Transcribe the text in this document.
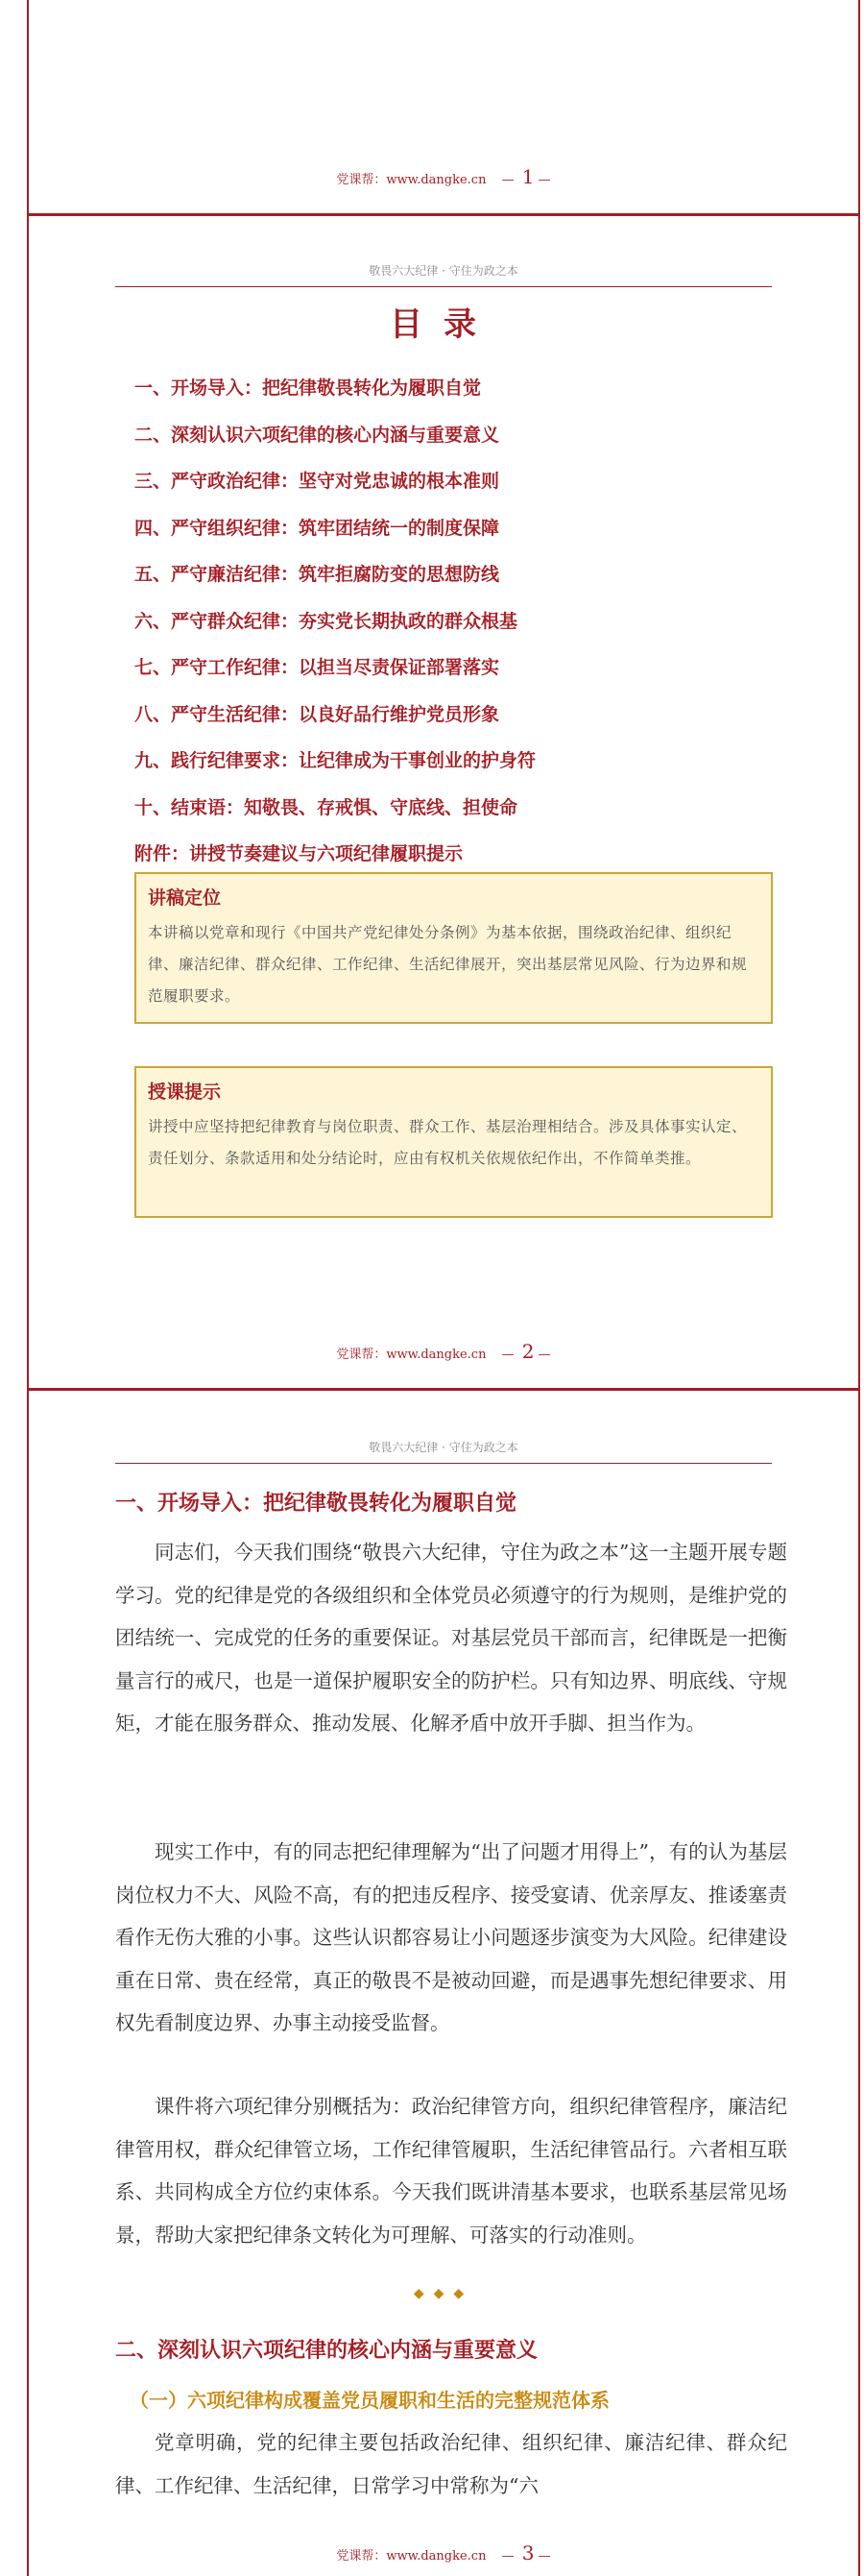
党课帮：www.dangke.cn — 1 —
敬畏六大纪律 · 守住为政之本
目录
一、开场导入：把纪律敬畏转化为履职自觉
二、深刻认识六项纪律的核心内涵与重要意义
三、严守政治纪律：坚守对党忠诚的根本准则
四、严守组织纪律：筑牢团结统一的制度保障
五、严守廉洁纪律：筑牢拒腐防变的思想防线
六、严守群众纪律：夯实党长期执政的群众根基
七、严守工作纪律：以担当尽责保证部署落实
八、严守生活纪律：以良好品行维护党员形象
九、践行纪律要求：让纪律成为干事创业的护身符
十、结束语：知敬畏、存戒惧、守底线、担使命
附件：讲授节奏建议与六项纪律履职提示
讲稿定位
本讲稿以党章和现行《中国共产党纪律处分条例》为基本依据，围绕政治纪律、组织纪律、廉洁纪律、群众纪律、工作纪律、生活纪律展开，突出基层常见风险、行为边界和规范履职要求。
授课提示
讲授中应坚持把纪律教育与岗位职责、群众工作、基层治理相结合。涉及具体事实认定、责任划分、条款适用和处分结论时，应由有权机关依规依纪作出，不作简单类推。
党课帮：www.dangke.cn — 2 —
敬畏六大纪律 · 守住为政之本
一、开场导入：把纪律敬畏转化为履职自觉
同志们，今天我们围绕“敬畏六大纪律，守住为政之本”这一主题开展专题学习。党的纪律是党的各级组织和全体党员必须遵守的行为规则，是维护党的团结统一、完成党的任务的重要保证。对基层党员干部而言，纪律既是一把衡量言行的戒尺，也是一道保护履职安全的防护栏。只有知边界、明底线、守规矩，才能在服务群众、推动发展、化解矛盾中放开手脚、担当作为。
现实工作中，有的同志把纪律理解为“出了问题才用得上”，有的认为基层岗位权力不大、风险不高，有的把违反程序、接受宴请、优亲厚友、推诿塞责看作无伤大雅的小事。这些认识都容易让小问题逐步演变为大风险。纪律建设重在日常、贵在经常，真正的敬畏不是被动回避，而是遇事先想纪律要求、用权先看制度边界、办事主动接受监督。
课件将六项纪律分别概括为：政治纪律管方向，组织纪律管程序，廉洁纪律管用权，群众纪律管立场，工作纪律管履职，生活纪律管品行。六者相互联系、共同构成全方位约束体系。今天我们既讲清基本要求，也联系基层常见场景，帮助大家把纪律条文转化为可理解、可落实的行动准则。
◆◆◆
二、深刻认识六项纪律的核心内涵与重要意义
（一）六项纪律构成覆盖党员履职和生活的完整规范体系
党章明确，党的纪律主要包括政治纪律、组织纪律、廉洁纪律、群众纪律、工作纪律、生活纪律，日常学习中常称为“六
党课帮：www.dangke.cn — 3 —
